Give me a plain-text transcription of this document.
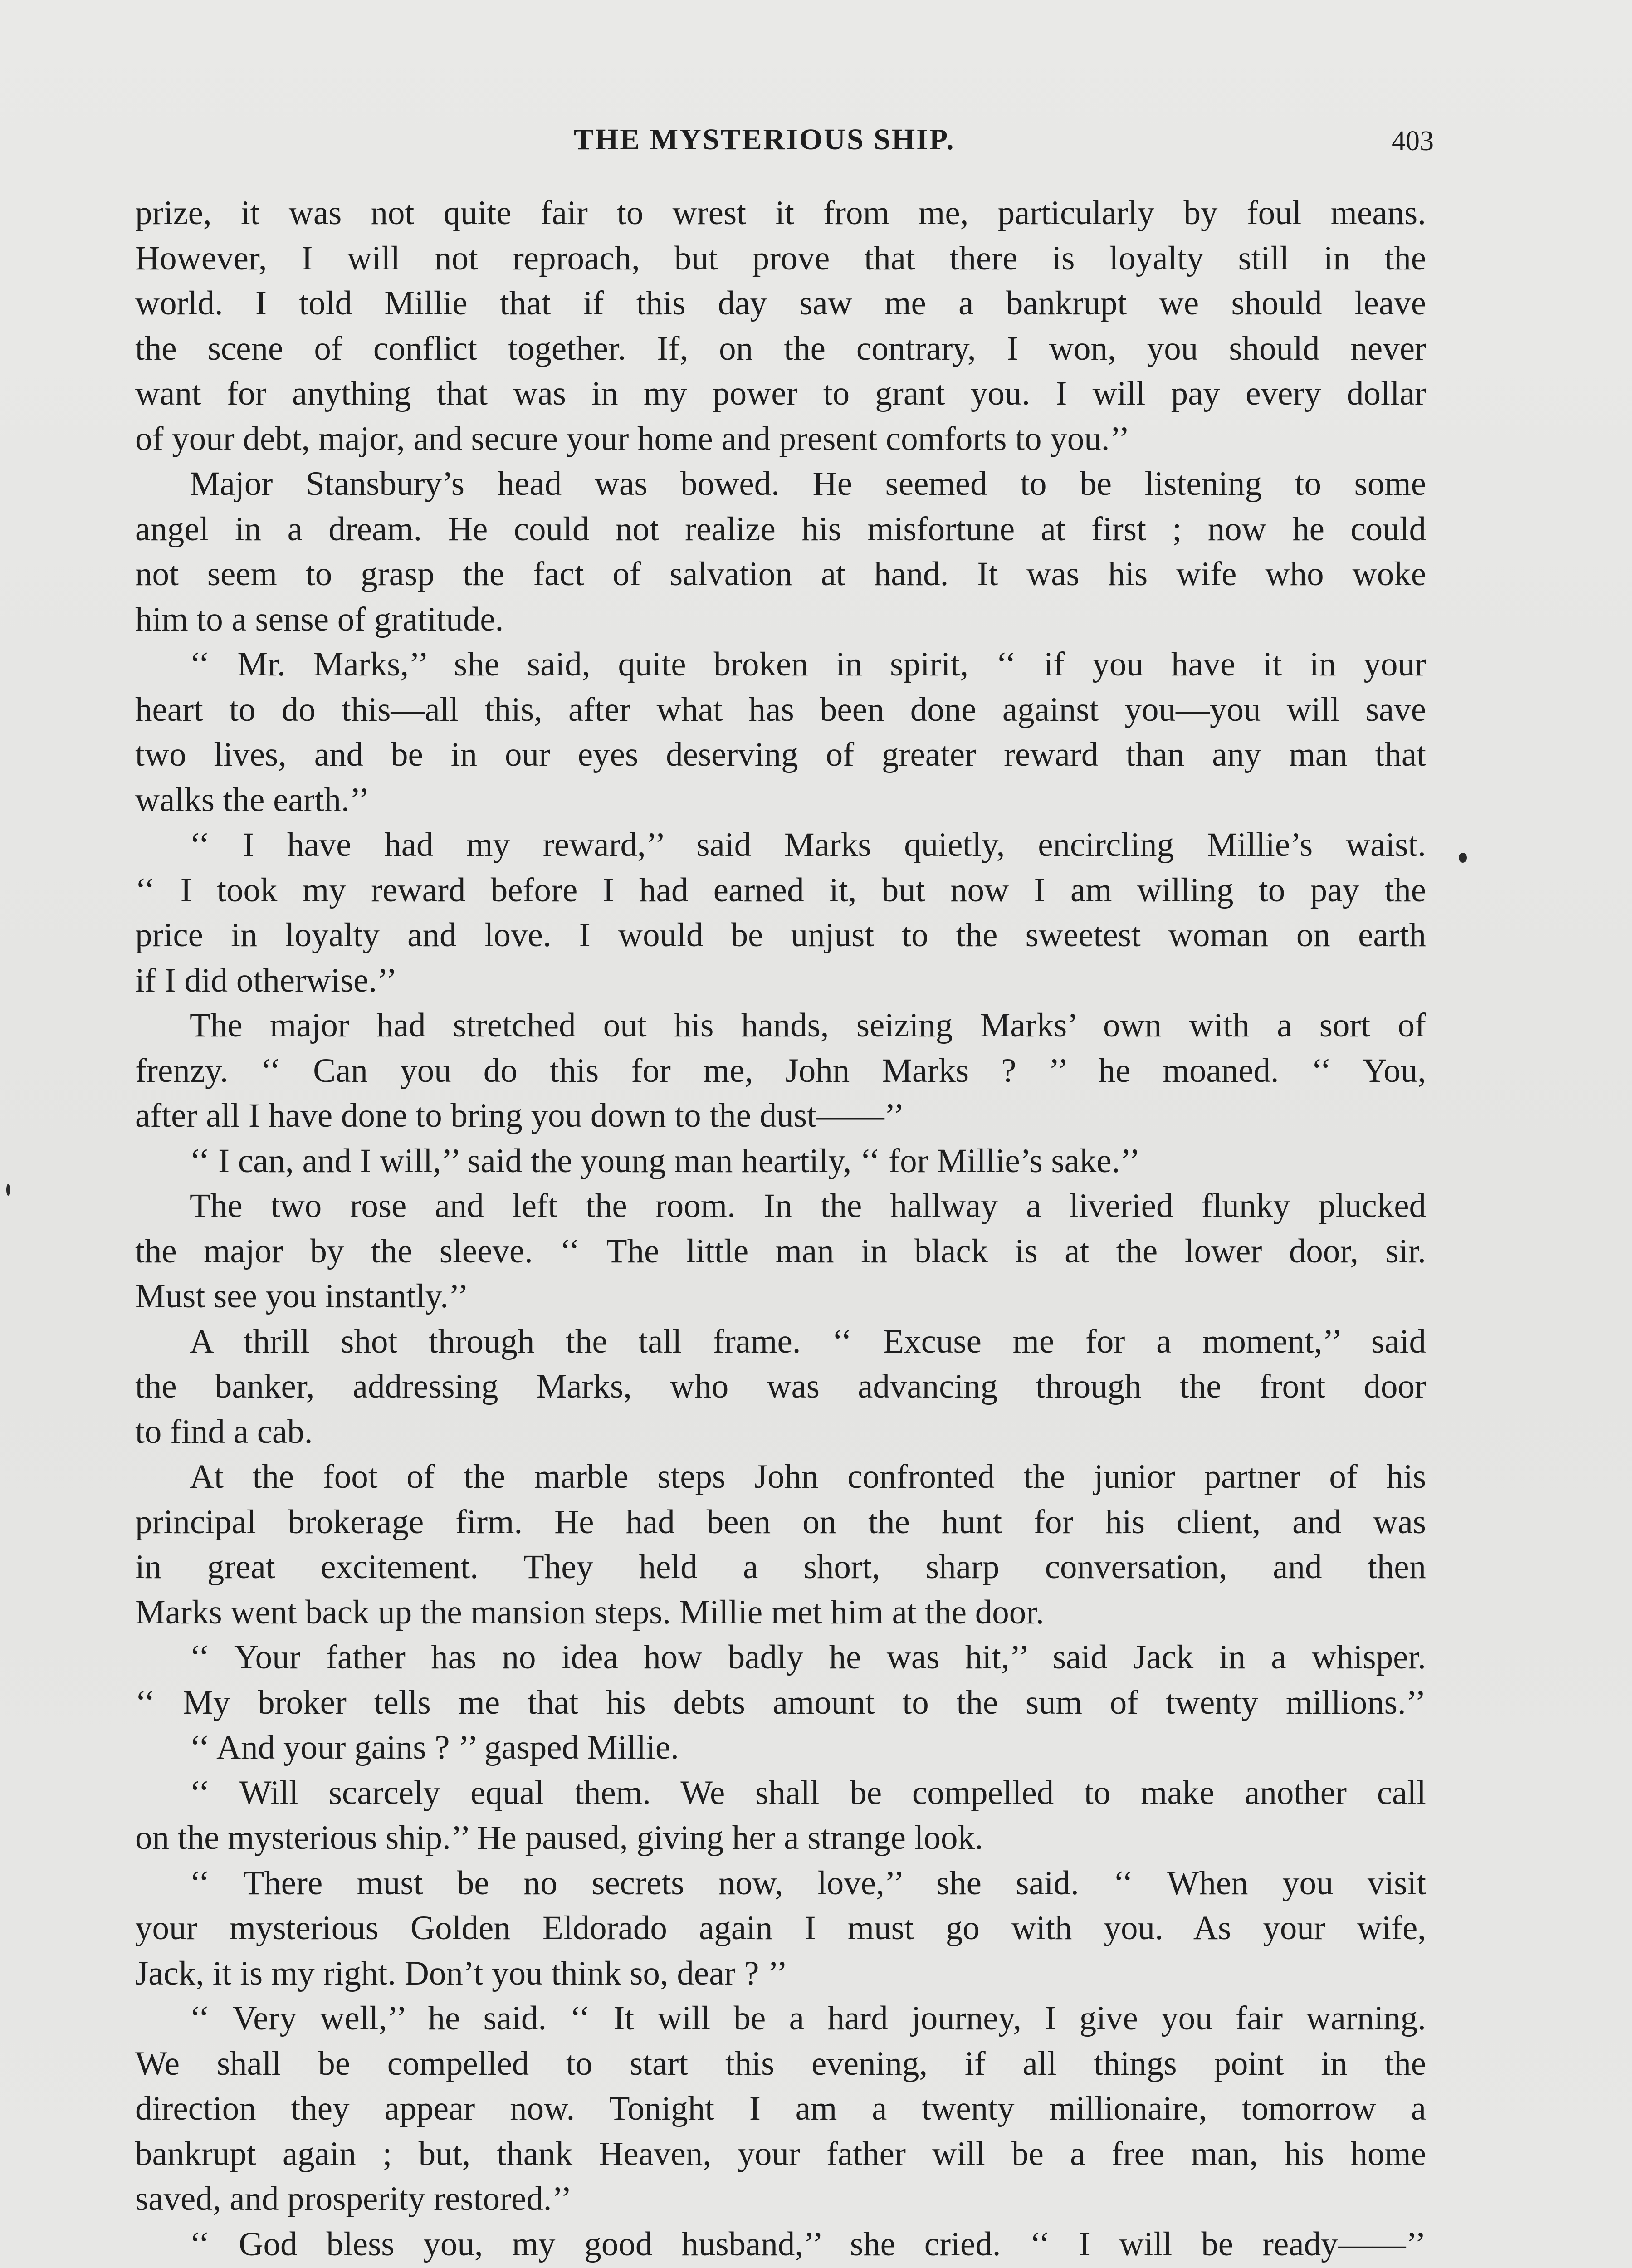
THE MYSTERIOUS SHIP.	403
prize, it was not quite fair to wrest it from me, particularly by foul means.
However, I will not reproach, but prove that there is loyalty still in the
world. I told Millie that if this day saw me a bankrupt we should leave
the scene of conflict together. If, on the contrary, I won, you should never
want for anything that was in my power to grant you. I will pay every dollar
of your debt, major, and secure your home and present comforts to you.’’
Major Stansbury’s head was bowed. He seemed to be listening to some
angel in a dream. He could not realize his misfortune at first ; now he could
not seem to grasp the fact of salvation at hand. It was his wife who woke
him to a sense of gratitude.
‘‘ Mr. Marks,’’ she said, quite broken in spirit, ‘‘ if you have it in your
heart to do this—all this, after what has been done against you—you will save
two lives, and be in our eyes deserving of greater reward than any man that
walks the earth.’’
‘‘ I have had my reward,’’ said Marks quietly, encircling Millie’s waist.
‘‘ I took my reward before I had earned it, but now I am willing to pay the
price in loyalty and love. I would be unjust to the sweetest woman on earth
if I did otherwise.’’
The major had stretched out his hands, seizing Marks’ own with a sort of
frenzy. ‘‘ Can you do this for me, John Marks ? ’’ he moaned. ‘‘ You,
after all I have done to bring you down to the dust——’’
‘‘ I can, and I will,’’ said the young man heartily, ‘‘ for Millie’s sake.’’
The two rose and left the room. In the hallway a liveried flunky plucked
the major by the sleeve. ‘‘ The little man in black is at the lower door, sir.
Must see you instantly.’’
A thrill shot through the tall frame. ‘‘ Excuse me for a moment,’’ said
the banker, addressing Marks, who was advancing through the front door
to find a cab.
At the foot of the marble steps John confronted the junior partner of his
principal brokerage firm. He had been on the hunt for his client, and was
in great excitement. They held a short, sharp conversation, and then
Marks went back up the mansion steps. Millie met him at the door.
‘‘ Your father has no idea how badly he was hit,’’ said Jack in a whisper.
‘‘ My broker tells me that his debts amount to the sum of twenty millions.’’
‘‘ And your gains ? ’’ gasped Millie.
‘‘ Will scarcely equal them. We shall be compelled to make another call
on the mysterious ship.’’ He paused, giving her a strange look.
‘‘ There must be no secrets now, love,’’ she said. ‘‘ When you visit
your mysterious Golden Eldorado again I must go with you. As your wife,
Jack, it is my right. Don’t you think so, dear ? ’’
‘‘ Very well,’’ he said. ‘‘ It will be a hard journey, I give you fair warning.
We shall be compelled to start this evening, if all things point in the
direction they appear now. Tonight I am a twenty millionaire, tomorrow a
bankrupt again ; but, thank Heaven, your father will be a free man, his home
saved, and prosperity restored.’’
‘‘ God bless you, my good husband,’’ she cried. ‘‘ I will be ready——’’
